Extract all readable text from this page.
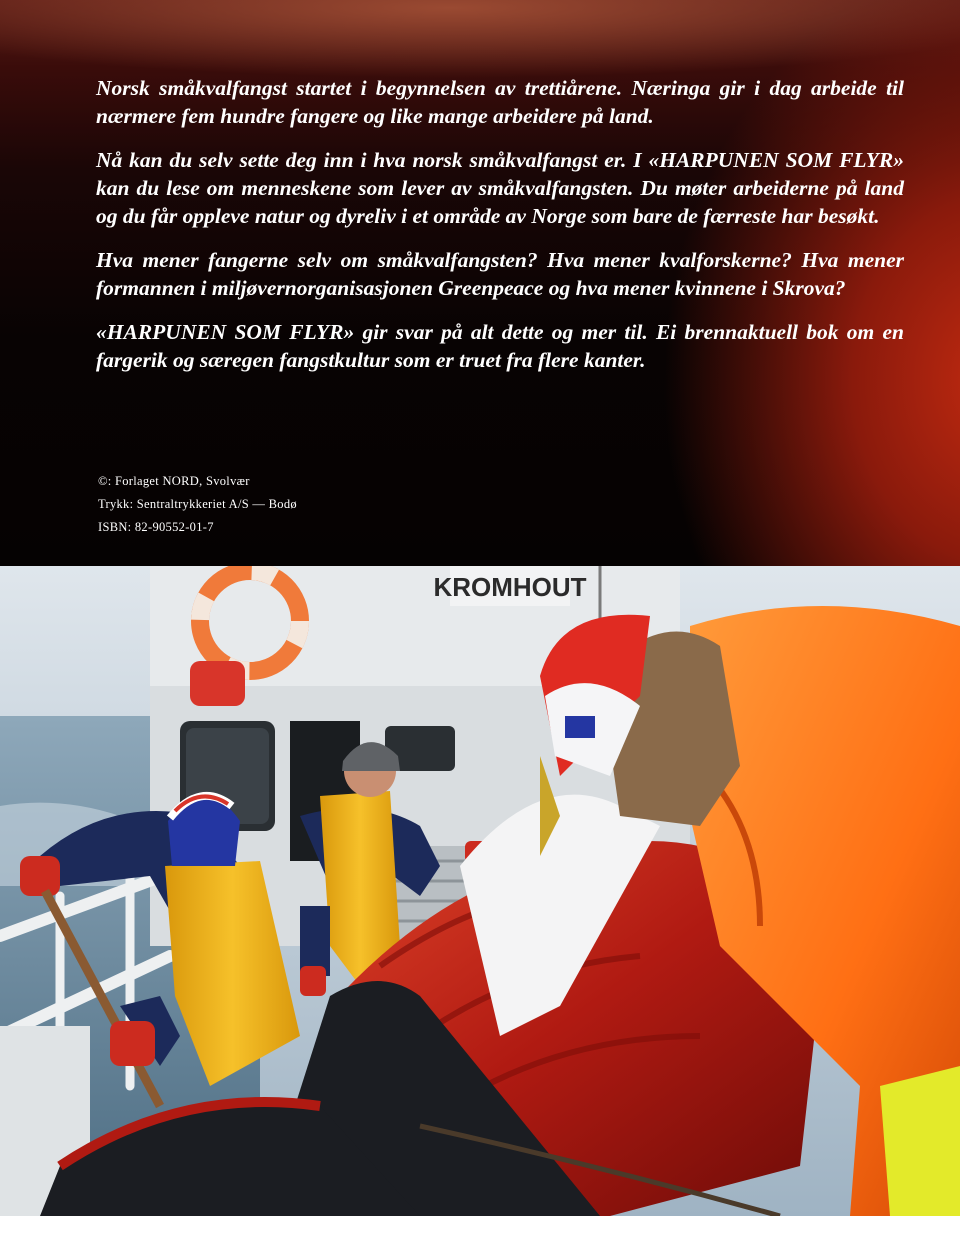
Norsk småkvalfangst startet i begynnelsen av trettiårene. Næringa gir i dag arbeide til nærmere fem hundre fangere og like mange arbeidere på land.

Nå kan du selv sette deg inn i hva norsk småkvalfangst er. I «HARPUNEN SOM FLYR» kan du lese om menneskene som lever av småkvalfangsten. Du møter arbeiderne på land og du får oppleve natur og dyreliv i et område av Norge som bare de færreste har besøkt.

Hva mener fangerne selv om småkvalfangsten? Hva mener kvalforskerne? Hva mener formannen i miljøvernorganisasjonen Greenpeace og hva mener kvinnene i Skrova?

«HARPUNEN SOM FLYR» gir svar på alt dette og mer til. Ei brennaktuell bok om en fargerik og særegen fangstkultur som er truet fra flere kanter.

©: Forlaget NORD, Svolvær
Trykk: Sentraltrykkeriet A/S — Bodø
ISBN: 82-90552-01-7
KROMHOUT
